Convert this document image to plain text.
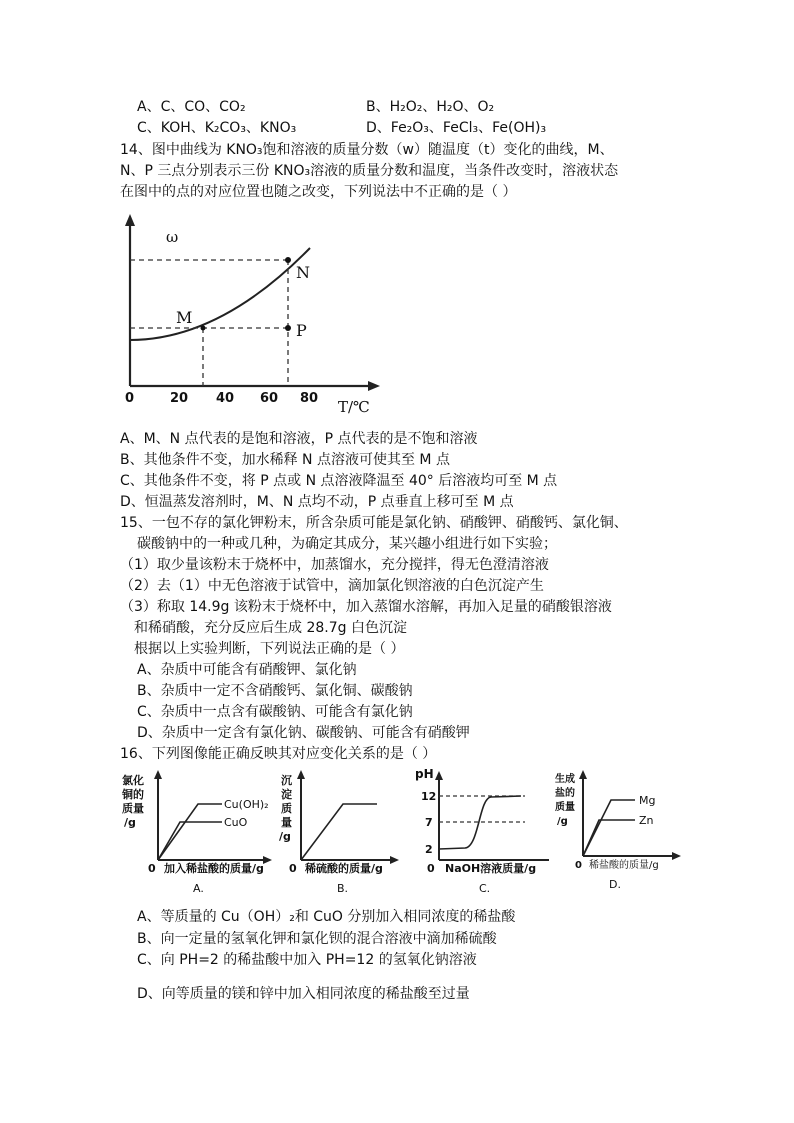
A、C、CO、CO₂	B、H₂O₂、H₂O、O₂
C、KOH、K₂CO₃、KNO₃	D、Fe₂O₃、FeCl₃、Fe(OH)₃
14、图中曲线为 KNO₃饱和溶液的质量分数（w）随温度（t）变化的曲线，M、
N、P 三点分别表示三份 KNO₃溶液的质量分数和温度，当条件改变时，溶液状态
在图中的点的对应位置也随之改变，下列说法中不正确的是（ ）
ω
M
N
P
0	20 40 60 80 T/℃
A、M、N 点代表的是饱和溶液，P 点代表的是不饱和溶液
B、其他条件不变，加水稀释 N 点溶液可使其至 M 点
C、其他条件不变，将 P 点或 N 点溶液降温至 40° 后溶液均可至 M 点
D、恒温蒸发溶剂时，M、N 点均不动，P 点垂直上移可至 M 点
15、一包不存的氯化钾粉末，所含杂质可能是氯化钠、硝酸钾、硝酸钙、氯化铜、
碳酸钠中的一种或几种，为确定其成分，某兴趣小组进行如下实验；
（1）取少量该粉末于烧杯中，加蒸馏水，充分搅拌，得无色澄清溶液
（2）去（1）中无色溶液于试管中，滴加氯化钡溶液的白色沉淀产生
（3）称取 14.9g 该粉末于烧杯中，加入蒸馏水溶解，再加入足量的硝酸银溶液
和稀硝酸，充分反应后生成 28.7g 白色沉淀
根据以上实验判断，下列说法正确的是（ ）
A、杂质中可能含有硝酸钾、氯化钠
B、杂质中一定不含硝酸钙、氯化铜、碳酸钠
C、杂质中一点含有碳酸钠、可能含有氯化钠
D、杂质中一定含有氯化钠、碳酸钠、可能含有硝酸钾
16、下列图像能正确反映其对应变化关系的是（ ）
氯化
铜的
质量
/g
0 加入稀盐酸的质量/g
Cu(OH)₂
CuO
A.
沉
淀
质
量
/g
0 稀硫酸的质量/g
B.
pH
12
7
2
0 NaOH溶液质量/g
C.
生成
盐的
质量
/g
0 稀盐酸的质量/g
Mg
Zn
D.
A、等质量的 Cu（OH）₂和 CuO 分别加入相同浓度的稀盐酸
B、向一定量的氢氧化钾和氯化钡的混合溶液中滴加稀硫酸
C、向 PH=2 的稀盐酸中加入 PH=12 的氢氧化钠溶液
D、向等质量的镁和锌中加入相同浓度的稀盐酸至过量
